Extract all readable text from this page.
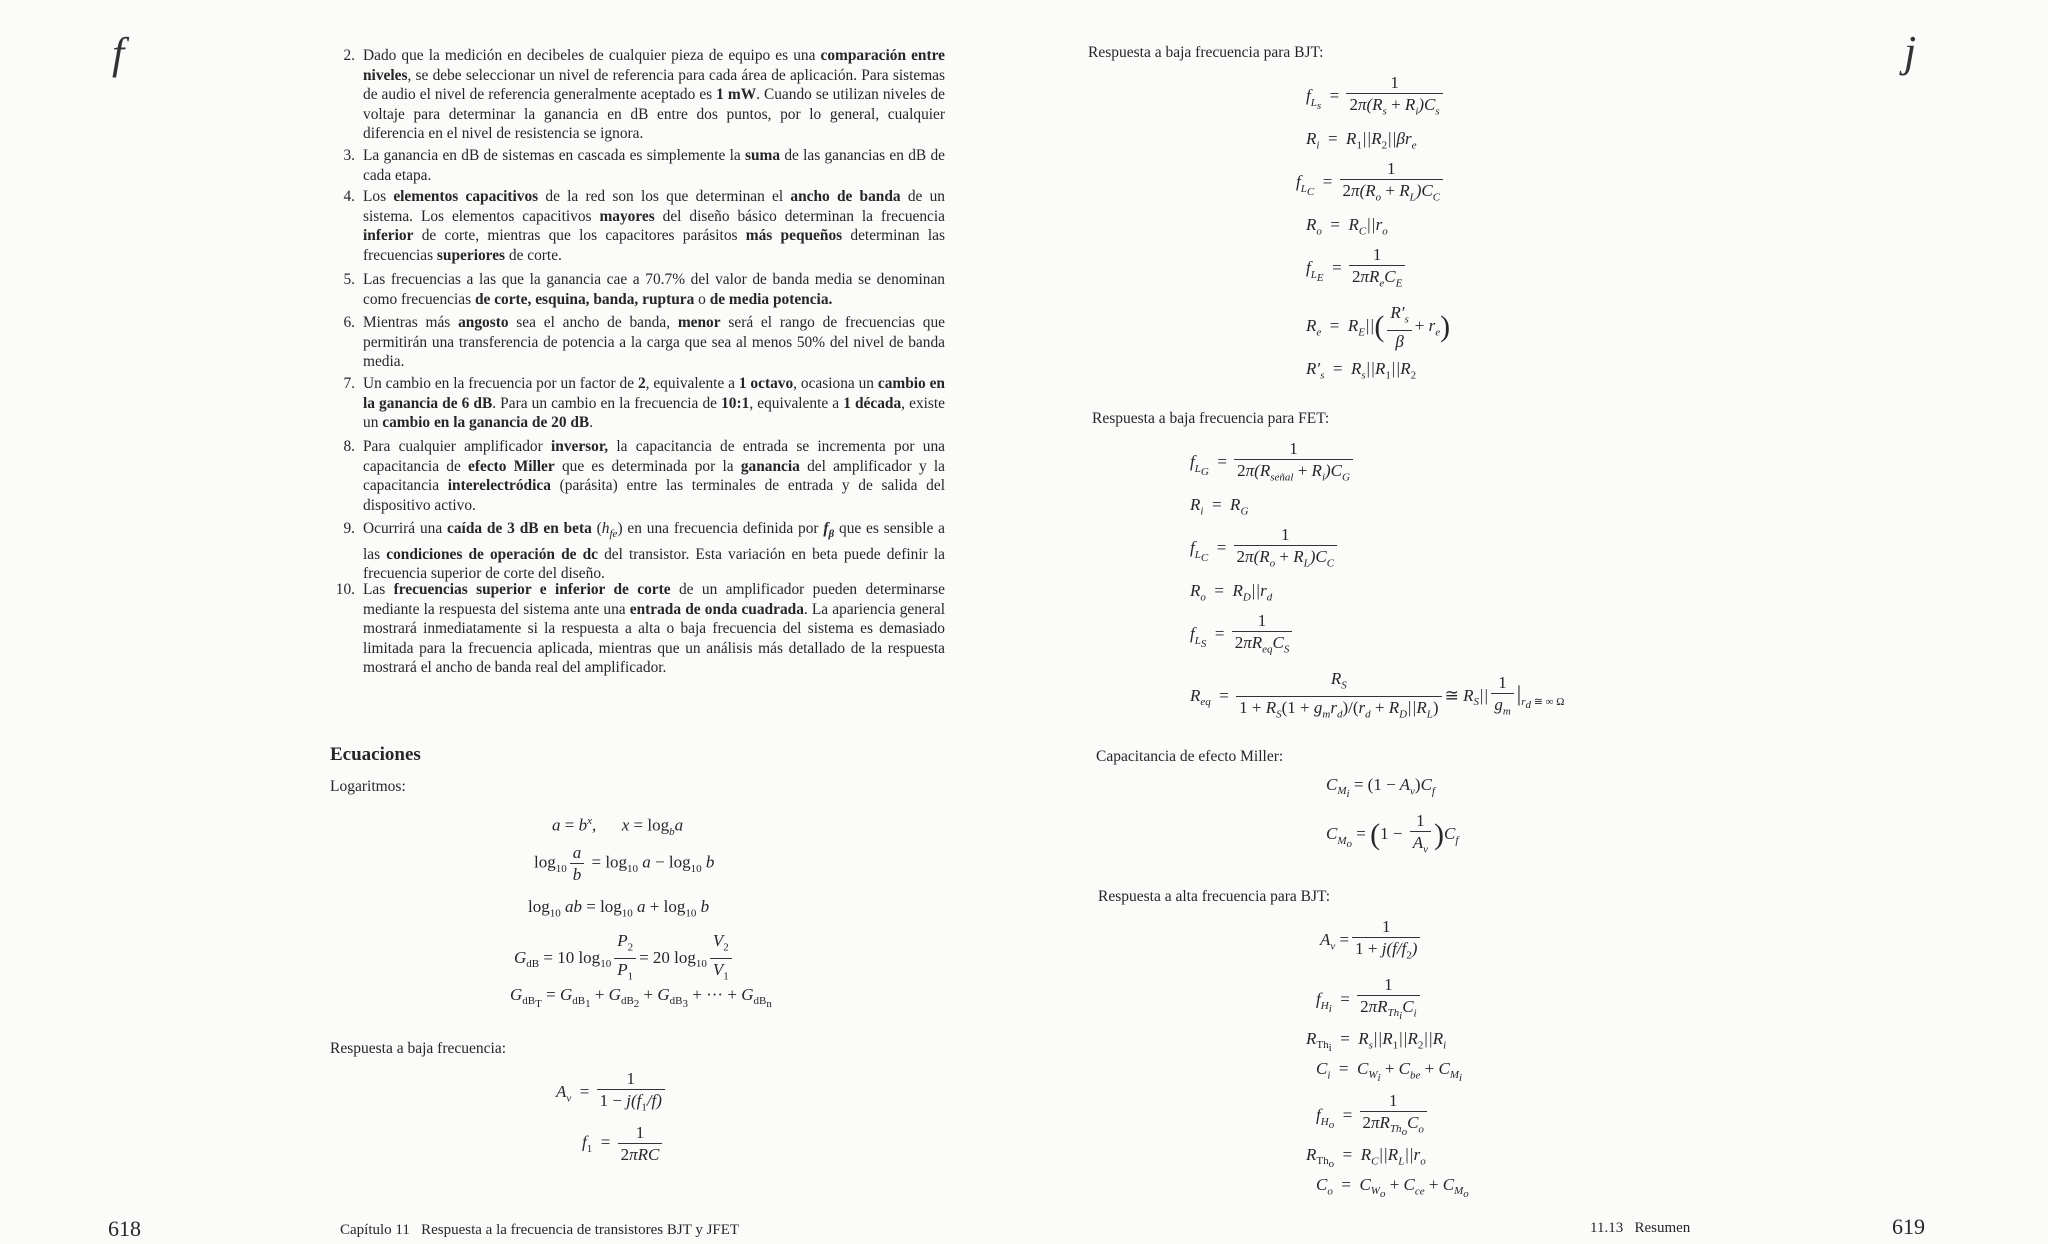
f	2. Dado que la medición en decibeles de cualquier pieza de equipo es una comparación entre niveles, se debe seleccionar un nivel de referencia para cada área de aplicación. Para sistemas de audio el nivel de referencia generalmente aceptado es 1 mW. Cuando se utilizan niveles de voltaje para determinar la ganancia en dB entre dos puntos, por lo general, cualquier diferencia en el nivel de resistencia se ignora.
3. La ganancia en dB de sistemas en cascada es simplemente la suma de las ganancias en dB de cada etapa.
4. Los elementos capacitivos de la red son los que determinan el ancho de banda de un sistema. Los elementos capacitivos mayores del diseño básico determinan la frecuencia inferior de corte, mientras que los capacitores parásitos más pequeños determinan las frecuencias superiores de corte.
5. Las frecuencias a las que la ganancia cae a 70.7% del valor de banda media se denominan como frecuencias de corte, esquina, banda, ruptura o de media potencia.
6. Mientras más angosto sea el ancho de banda, menor será el rango de frecuencias que permitirán una transferencia de potencia a la carga que sea al menos 50% del nivel de banda media.
7. Un cambio en la frecuencia por un factor de 2, equivalente a 1 octavo, ocasiona un cambio en la ganancia de 6 dB. Para un cambio en la frecuencia de 10:1, equivalente a 1 década, existe un cambio en la ganancia de 20 dB.
8. Para cualquier amplificador inversor, la capacitancia de entrada se incrementa por una capacitancia de efecto Miller que es determinada por la ganancia del amplificador y la capacitancia interelectródica (parásita) entre las terminales de entrada y de salida del dispositivo activo.
9. Ocurrirá una caída de 3 dB en beta $(h_{fe})$ en una frecuencia definida por $f_\beta$ que es sensible a las condiciones de operación de dc del transistor. Esta variación en beta puede definir la frecuencia superior de corte del diseño.
10. Las frecuencias superior e inferior de corte de un amplificador pueden determinarse mediante la respuesta del sistema ante una entrada de onda cuadrada. La apariencia general mostrará inmediatamente si la respuesta a alta o baja frecuencia del sistema es demasiado limitada para la frecuencia aplicada, mientras que un análisis más detallado de la respuesta mostrará el ancho de banda real del amplificador.
Ecuaciones
Logaritmos:
$a = b^x$,      $x = \log_ba$
$\log_{10} \frac{a}{b} = \log_{10} a - \log_{10} b$
$\log_{10}$ ab = $\log_{10} a + \log_{10} b$
$G_{dB} = 10$ $\log_{10} \frac{P_2}{P_1} = 20$ $\log_{10} \frac{V_2}{V_1}$
$G_{dB_T} = G_{dB_1} + G_{dB_2} + G_{dB_3}$ + ··· + $G_{dB_n}$
Respuesta a baja frecuencia:
$A_v = \frac{1}{1 - j(f_1/f)}$
$f_1$  =	1
2πRC
618	Capítulo 11   Respuesta a la frecuencia de transistores BJT y JFET
j
Respuesta a baja frecuencia para BJT:
$f_{L_s} = \frac{1}{2\pi(R_s + R_i)C_s}$
$R_i = R_1||R_2||\beta r_e$
$f_{L_C} = \frac{1}{2\pi(R_o + R_L)C_C}$
$R_o = R_C||r_o$
$f_{L_E}$  =
1
$2\pi R_eC_E$
$R_e = R_E||( \frac{R'_s}{\beta} + r_e)$
$R'_s = R_s||R_1||R_2$
Respuesta a baja frecuencia para FET:
$f_{L_G}$  =
1
$2\pi(R_{señal} + R_i)C_G$
$R_i = R_G$
$f_{L_C} = \frac{1}{2\pi(R_o + R_L)C_C}$
$R_o = R_D||r_d$
$f_{L_S}$  =
1
$2\pi R_{eq}C_S$
$R_{eq}$  =
$R_S$
$1 + R_S(1 + g_mr_d)/(r_d + R_D||R_L)$
≅ $R_S|| \frac{1}{g_m} |_{r_d ≅ \infty \Omega}$
Capacitancia de efecto Miller:
$C_{M_i} = (1 - A_v)C_f$
$C_{M_o} = (1 - \frac{1}{A_v} )C_f$
Respuesta a alta frecuencia para BJT:
$A_v = \frac{1}{1 + j(f/f_2)}$
$f_{H_i}$  =
1
$2\pi R_{Th_i}C_i$
$R_{Th_i} = R_s||R_1||R_2||R_i$
$C_i = C_{W_i} + C_{be} + C_{M_i}$
$f_{H_o}$  =
1
$2\pi R_{Th_o}C_o$
$R_{Th_o} = R_C||R_L||r_o$
$C_o = C_{W_o} + C_{ce} + C_{M_o}$
11.13   Resumen	619
